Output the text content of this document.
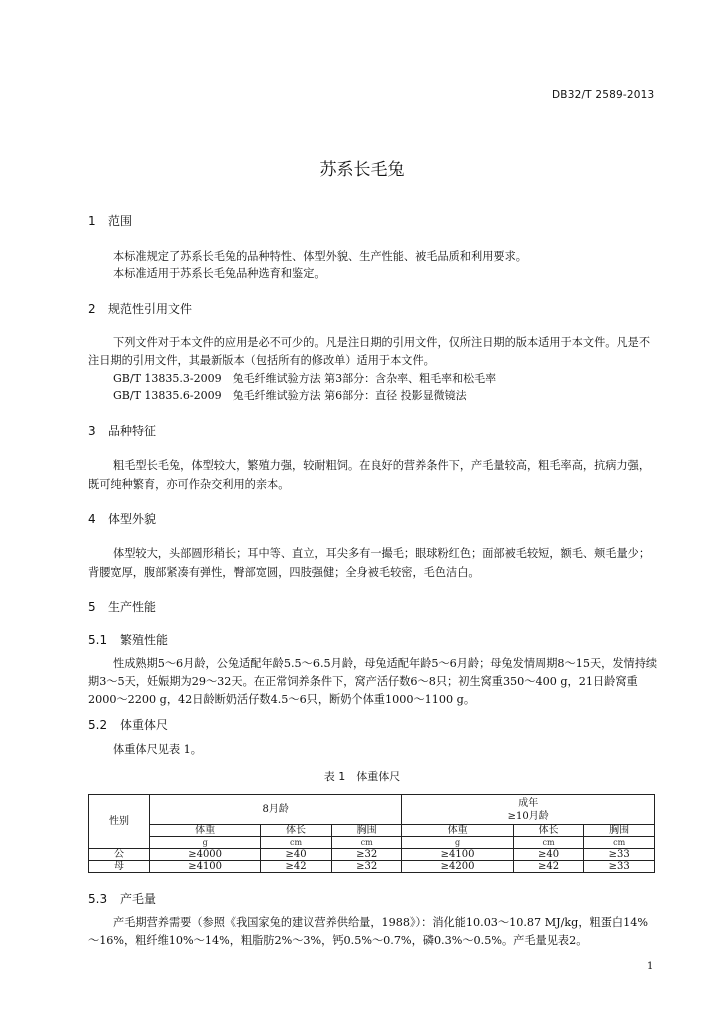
DB32/T 2589-2013
苏系长毛兔
1 范围
本标准规定了苏系长毛兔的品种特性、体型外貌、生产性能、被毛品质和利用要求。
本标准适用于苏系长毛兔品种选育和鉴定。
2 规范性引用文件

下列文件对于本文件的应用是必不可少的。凡是注日期的引用文件，仅所注日期的版本适用于本文件。凡是不注日期的引用文件，其最新版本（包括所有的修改单）适用于本文件。

GB/T 13835.3-2009　兔毛纤维试验方法 第3部分：含杂率、粗毛率和松毛率
GB/T 13835.6-2009　兔毛纤维试验方法 第6部分：直径 投影显微镜法
3 品种特征

粗毛型长毛兔，体型较大，繁殖力强，较耐粗饲。在良好的营养条件下，产毛量较高，粗毛率高，抗病力强，既可纯种繁育，亦可作杂交利用的亲本。

4 体型外貌

体型较大，头部圆形稍长；耳中等、直立，耳尖多有一撮毛；眼球粉红色；面部被毛较短，额毛、颊毛量少；背腰宽厚，腹部紧凑有弹性，臀部宽圆，四肢强健；全身被毛较密，毛色洁白。

5 生产性能
5.1 繁殖性能

性成熟期5～6月龄，公兔适配年龄5.5～6.5月龄，母兔适配年龄5～6月龄；母兔发情周期8～15天，发情持续期3～5天，妊娠期为29～32天。在正常饲养条件下，窝产活仔数6～8只；初生窝重350～400 g，21日龄窝重2000～2200 g，42日龄断奶活仔数4.5～6只，断奶个体重1000～1100 g。

5.2 体重体尺
体重体尺见表 1。
表 1　体重体尺
性别	8月龄			成年
≥10月龄		

	体重	体长	胸围	体重	体长	胸围
	g	cm	cm	g	cm	cm
公	≥4000	≥40	≥32	≥4100	≥40	≥33
母	≥4100	≥42	≥32	≥4200	≥42	≥33
5.3 产毛量

产毛期营养需要（参照《我国家兔的建议营养供给量，1988》）：消化能10.03～10.87 MJ/kg，粗蛋白14%～16%，粗纤维10%～14%，粗脂肪2%～3%，钙0.5%～0.7%，磷0.3%～0.5%。产毛量见表2。

1
